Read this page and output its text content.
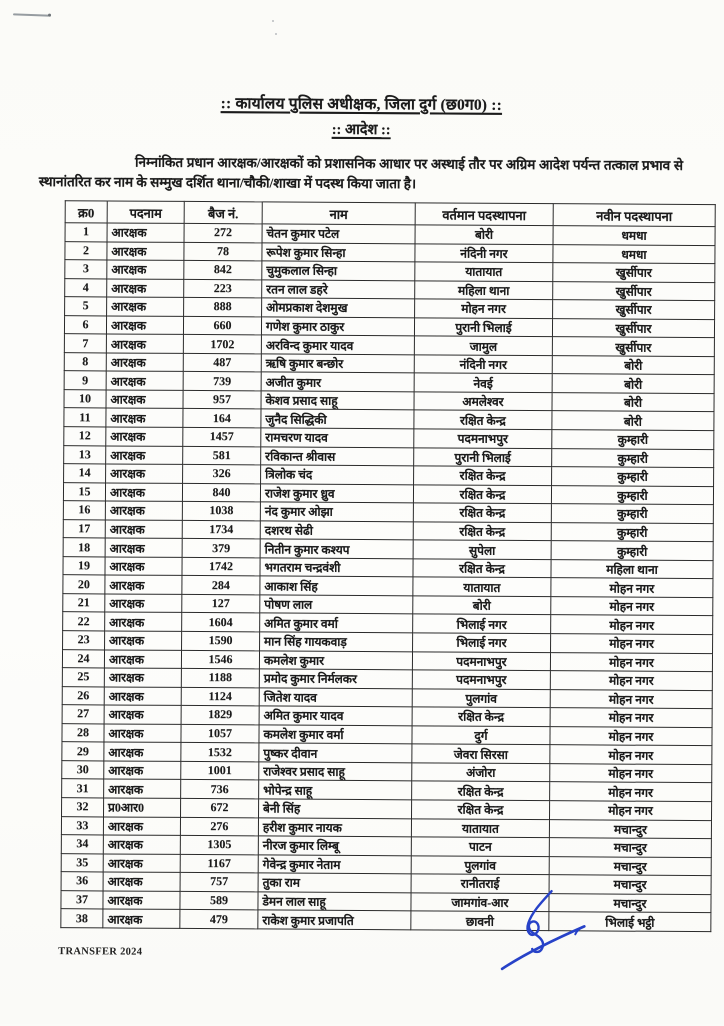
:: कार्यालय पुलिस अधीक्षक, जिला दुर्ग (छ0ग0) ::
:: आदेश ::

निम्नांकित प्रधान आरक्षक/आरक्षकों को प्रशासनिक आधार पर अस्थाई तौर पर अग्रिम आदेश पर्यन्त तत्काल प्रभाव से स्थानांतरित कर नाम के सम्मुख दर्शित थाना/चौकी/शाखा में पदस्थ किया जाता है।

क्र0	पदनाम	बैज नं.	नाम	वर्तमान पदस्थापना	नवीन पदस्थापना
1	आरक्षक	272	चेतन कुमार पटेल	बोरी	धमधा
2	आरक्षक	78	रूपेश कुमार सिन्हा	नंदिनी नगर	धमधा
3	आरक्षक	842	चुमुकलाल सिन्हा	यातायात	खुर्सीपार
4	आरक्षक	223	रतन लाल डहरे	महिला थाना	खुर्सीपार
5	आरक्षक	888	ओमप्रकाश देशमुख	मोहन नगर	खुर्सीपार
6	आरक्षक	660	गणेश कुमार ठाकुर	पुरानी भिलाई	खुर्सीपार
7	आरक्षक	1702	अरविन्द कुमार यादव	जामुल	खुर्सीपार
8	आरक्षक	487	ऋषि कुमार बन्छोर	नंदिनी नगर	बोरी
9	आरक्षक	739	अजीत कुमार	नेवई	बोरी
10	आरक्षक	957	केशव प्रसाद साहू	अमलेश्वर	बोरी
11	आरक्षक	164	जुनैद सिद्धिकी	रक्षित केन्द्र	बोरी
12	आरक्षक	1457	रामचरण यादव	पदमनाभपुर	कुम्हारी
13	आरक्षक	581	रविकान्त श्रीवास	पुरानी भिलाई	कुम्हारी
14	आरक्षक	326	त्रिलोक चंद	रक्षित केन्द्र	कुम्हारी
15	आरक्षक	840	राजेश कुमार ध्रुव	रक्षित केन्द्र	कुम्हारी
16	आरक्षक	1038	नंद कुमार ओझा	रक्षित केन्द्र	कुम्हारी
17	आरक्षक	1734	दशरथ सेढी	रक्षित केन्द्र	कुम्हारी
18	आरक्षक	379	नितीन कुमार कश्यप	सुपेला	कुम्हारी
19	आरक्षक	1742	भगतराम चन्द्रवंशी	रक्षित केन्द्र	महिला थाना
20	आरक्षक	284	आकाश सिंह	यातायात	मोहन नगर
21	आरक्षक	127	पोषण लाल	बोरी	मोहन नगर
22	आरक्षक	1604	अमित कुमार वर्मा	भिलाई नगर	मोहन नगर
23	आरक्षक	1590	मान सिंह गायकवाड़	भिलाई नगर	मोहन नगर
24	आरक्षक	1546	कमलेश कुमार	पदमनाभपुर	मोहन नगर
25	आरक्षक	1188	प्रमोद कुमार निर्मलकर	पदमनाभपुर	मोहन नगर
26	आरक्षक	1124	जितेश यादव	पुलगांव	मोहन नगर
27	आरक्षक	1829	अमित कुमार यादव	रक्षित केन्द्र	मोहन नगर
28	आरक्षक	1057	कमलेश कुमार वर्मा	दुर्ग	मोहन नगर
29	आरक्षक	1532	पुष्कर दीवान	जेवरा सिरसा	मोहन नगर
30	आरक्षक	1001	राजेश्वर प्रसाद साहू	अंजोरा	मोहन नगर
31	आरक्षक	736	भोपेन्द्र साहू	रक्षित केन्द्र	मोहन नगर
32	प्र0आर0	672	बेनी सिंह	रक्षित केन्द्र	मोहन नगर
33	आरक्षक	276	हरीश कुमार नायक	यातायात	मचान्दुर
34	आरक्षक	1305	नीरज कुमार लिम्बू	पाटन	मचान्दुर
35	आरक्षक	1167	गेवेन्द्र कुमार नेताम	पुलगांव	मचान्दुर
36	आरक्षक	757	तुका राम	रानीतराई	मचान्दुर
37	आरक्षक	589	डेमन लाल साहू	जामगांव-आर	मचान्दुर
38	आरक्षक	479	राकेश कुमार प्रजापति	छावनी	भिलाई भट्ठी
TRANSFER 2024
